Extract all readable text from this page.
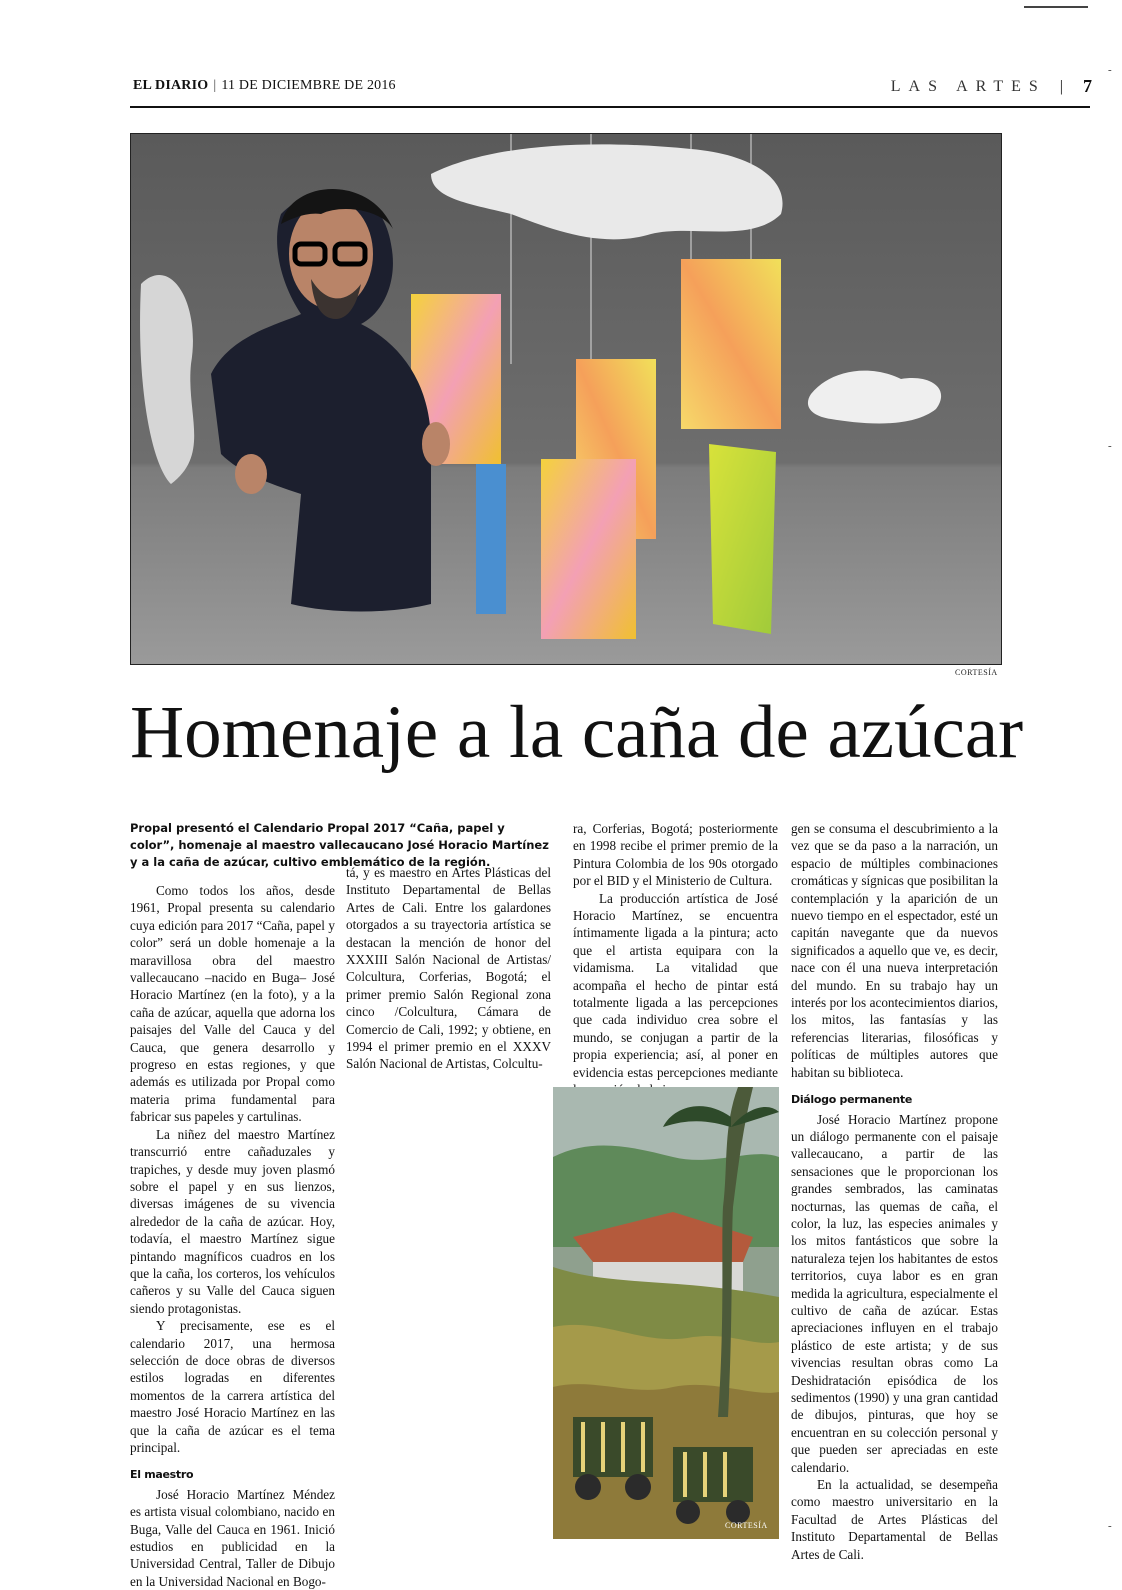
EL DIARIO | 11 DE DICIEMBRE DE 2016	LAS ARTES | 7
CORTESÍA
Homenaje a la caña de azúcar

Propal presentó el Calendario Propal 2017 “Caña, papel y color”, homenaje al maestro vallecaucano José Horacio Martínez y a la caña de azúcar, cultivo emblemático de la región.

Como todos los años, desde 1961, Propal presenta su calendario cuya edición para 2017 “Caña, papel y color” será un doble homenaje a la maravillosa obra del maestro vallecaucano –nacido en Buga– José Horacio Martínez (en la foto), y a la caña de azúcar, aquella que adorna los paisajes del Valle del Cauca y del Cauca, que genera desarrollo y progreso en estas regiones, y que además es utilizada por Propal como materia prima fundamental para fabricar sus papeles y cartulinas.

La niñez del maestro Martínez transcurrió entre cañaduzales y trapiches, y desde muy joven plasmó sobre el papel y en sus lienzos, diversas imágenes de su vivencia alrededor de la caña de azúcar. Hoy, todavía, el maestro Martínez sigue pintando magníficos cuadros en los que la caña, los corteros, los vehículos cañeros y su Valle del Cauca siguen siendo protagonistas.

Y precisamente, ese es el calendario 2017, una hermosa selección de doce obras de diversos estilos logradas en diferentes momentos de la carrera artística del maestro José Horacio Martínez en las que la caña de azúcar es el tema principal.

El maestro

José Horacio Martínez Méndez es artista visual colombiano, nacido en Buga, Valle del Cauca en 1961. Inició estudios en publicidad en la Universidad Central, Taller de Dibujo en la Universidad Nacional en Bogo-

tá, y es maestro en Artes Plásticas del Instituto Departamental de Bellas Artes de Cali. Entre los galardones otorgados a su trayectoria artística se destacan la mención de honor del XXXIII Salón Nacional de Artistas/ Colcultura, Corferias, Bogotá; el primer premio Salón Regional zona cinco /Colcultura, Cámara de Comercio de Cali, 1992; y obtiene, en 1994 el primer premio en el XXXV Salón Nacional de Artistas, Colcultu-

ra, Corferias, Bogotá; posteriormente en 1998 recibe el primer premio de la Pintura Colombia de los 90s otorgado por el BID y el Ministerio de Cultura.

La producción artística de José Horacio Martínez, se encuentra íntimamente ligada a la pintura; acto que el artista equipara con la vidamisma. La vitalidad que acompaña el hecho de pintar está totalmente ligada a las percepciones que cada individuo crea sobre el mundo, se conjugan a partir de la propia experiencia; así, al poner en evidencia estas percepciones mediante

gen se consuma el descubrimiento a la vez que se da paso a la narración, un espacio de múltiples combinaciones cromáticas y sígnicas que posibilitan la contemplación y la aparición de un nuevo tiempo en el espectador, esté un capitán navegante que da nuevos significados a aquello que ve, es decir, nace con él una nueva interpretación del mundo. En su trabajo hay un interés por los acontecimientos diarios, los mitos, las fantasías y las referencias literarias, filosóficas y políticas de múltiples autores que habitan su biblioteca.

Diálogo permanente

José Horacio Martínez propone un diálogo permanente con el paisaje vallecaucano, a partir de las sensaciones que le proporcionan los grandes sembrados, las caminatas nocturnas, las quemas de caña, el color, la luz, las especies animales y los mitos fantásticos que sobre la naturaleza tejen los habitantes de estos territorios, cuya labor es en gran medida la agricultura, especialmente el cultivo de caña de azúcar. Estas apreciaciones influyen en el trabajo plástico de este artista; y de sus vivencias resultan obras como La Deshidratación episódica de los sedimentos (1990) y una gran cantidad de dibujos, pinturas, que hoy se encuentran en su colección personal y que pueden ser apreciadas en este calendario.

En la actualidad, se desempeña como maestro universitario en la Facultad de Artes Plásticas del Instituto Departamental de Bellas Artes de Cali.

CORTESÍA
-
-
-
